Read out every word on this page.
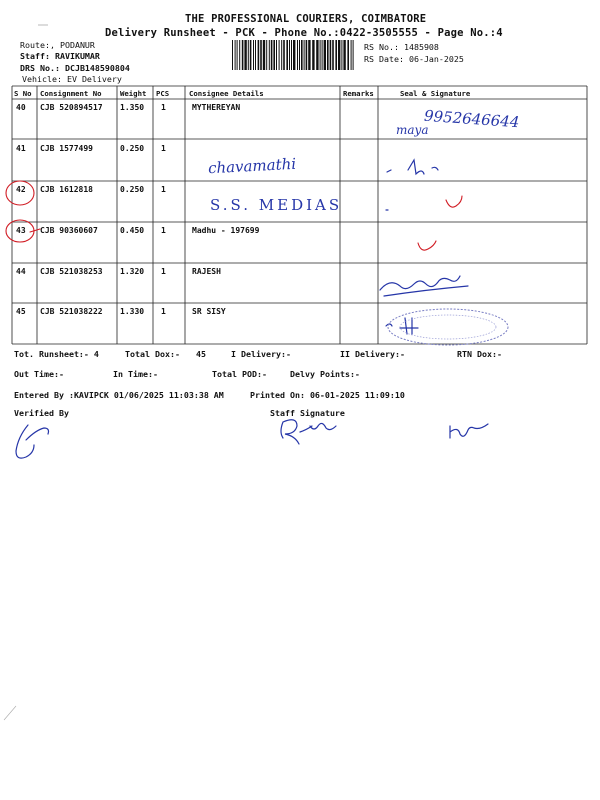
THE PROFESSIONAL COURIERS, COIMBATORE
Delivery Runsheet - PCK - Phone No.:0422-3505555 - Page No.:4
Route:, PODANUR
Staff: RAVIKUMAR
DRS No.: DCJB148590804
Vehicle: EV Delivery
RS No.: 1485908
RS Date: 06-Jan-2025
S No Consignment No	Weight PCS	Consignee Details	Remarks	Seal & Signature
40 CJB 520894517 1.350 1	MYTHEREYAN
41 CJB 1577499	0.250 1
42 CJB 1612818	0.250 1
43 CJB 90360607	0.450 1	Madhu - 197699
44 CJB 521038253 1.320 1	RAJESH
45 CJB 521038222 1.330 1	SR SISY
9952646644
maya
chavamathi
S.S. MEDIAS
Tot. Runsheet:- 4	Total Dox:- 45	I Delivery:-	II Delivery:-	RTN Dox:-
Out Time:-	In Time:-	Total POD:-	Delvy Points:-
Entered By :KAVIPCK 01/06/2025 11:03:38 AM	Printed On: 06-01-2025 11:09:10
Verified By	Staff Signature
